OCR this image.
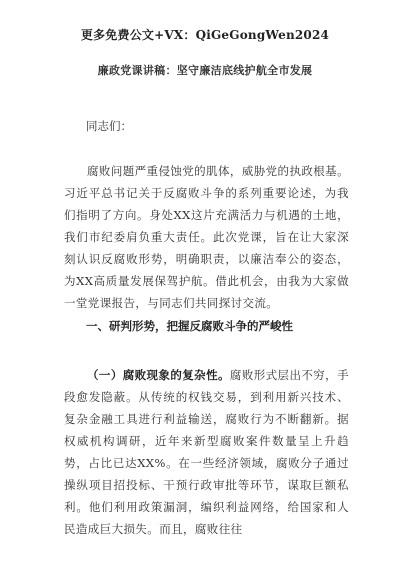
更多免费公文+VX：QiGeGongWen2024
廉政党课讲稿：坚守廉洁底线护航全市发展
同志们：

腐败问题严重侵蚀党的肌体，威胁党的执政根基。习近平总书记关于反腐败斗争的系列重要论述，为我们指明了方向。身处XX这片充满活力与机遇的土地，我们市纪委肩负重大责任。此次党课，旨在让大家深刻认识反腐败形势，明确职责，以廉洁奉公的姿态，为XX高质量发展保驾护航。借此机会，由我为大家做一堂党课报告，与同志们共同探讨交流。

一、研判形势，把握反腐败斗争的严峻性

（一）腐败现象的复杂性。腐败形式层出不穷，手段愈发隐蔽。从传统的权钱交易，到利用新兴技术、复杂金融工具进行利益输送，腐败行为不断翻新。据权威机构调研，近年来新型腐败案件数量呈上升趋势，占比已达XX%。在一些经济领域，腐败分子通过操纵项目招投标、干预行政审批等环节，谋取巨额私利。他们利用政策漏洞，编织利益网络，给国家和人民造成巨大损失。而且，腐败往往
